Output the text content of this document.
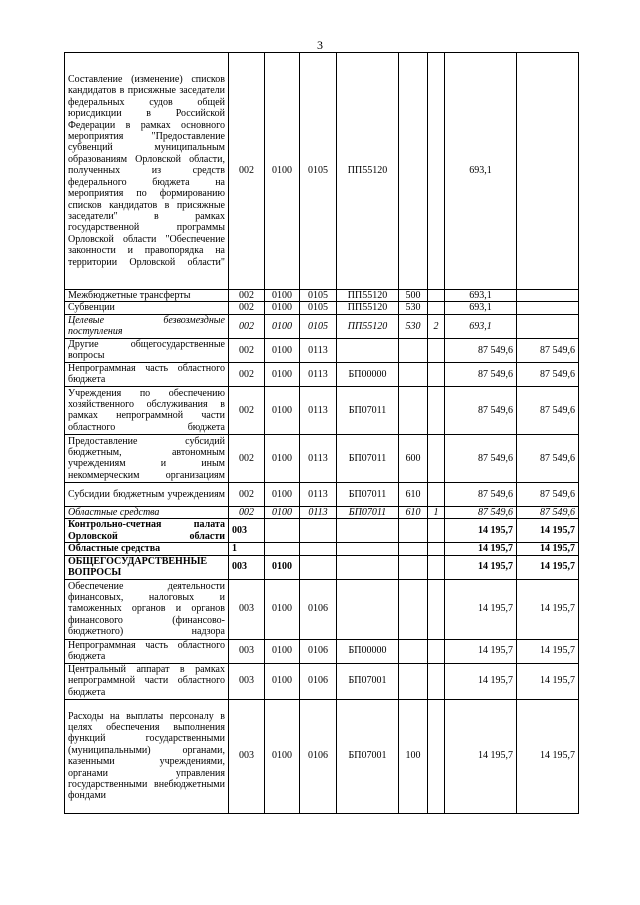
3
Составление (изменение) списков кандидатов в присяжные заседатели федеральных судов общей юрисдикции в Российской Федерации в рамках основного мероприятия "Предоставление субвенций муниципальным образованиям Орловской области, полученных из средств федерального бюджета на мероприятия по формированию списков кандидатов в присяжные заседатели" в рамках государственной программы Орловской области "Обеспечение законности и правопорядка на территории Орловской области"	002	0100	0105	ПП55120			693,1	
Межбюджетные трансферты	002	0100	0105	ПП55120	500		693,1	
Субвенции	002	0100	0105	ПП55120	530		693,1	
Целевые безвозмездные поступления	002	0100	0105	ПП55120	530	2	693,1	
Другие общегосударственные вопросы	002	0100	0113				87 549,6	87 549,6
Непрограммная часть областного бюджета	002	0100	0113	БП00000			87 549,6	87 549,6
Учреждения по обеспечению хозяйственного обслуживания в рамках непрограммной части областного бюджета	002	0100	0113	БП07011			87 549,6	87 549,6
Предоставление субсидий бюджетным, автономным учреждениям и иным некоммерческим организациям	002	0100	0113	БП07011	600		87 549,6	87 549,6
Субсидии бюджетным учреждениям	002	0100	0113	БП07011	610		87 549,6	87 549,6
Областные средства	002	0100	0113	БП07011	610	1	87 549,6	87 549,6
Контрольно-счетная палата Орловской области	003						14 195,7	14 195,7
Областные средства	1						14 195,7	14 195,7
ОБЩЕГОСУДАРСТВЕННЫЕ ВОПРОСЫ	003	0100					14 195,7	14 195,7
Обеспечение деятельности финансовых, налоговых и таможенных органов и органов финансового (финансово-бюджетного) надзора	003	0100	0106				14 195,7	14 195,7
Непрограммная часть областного бюджета	003	0100	0106	БП00000			14 195,7	14 195,7
Центральный аппарат в рамках непрограммной части областного бюджета	003	0100	0106	БП07001			14 195,7	14 195,7
Расходы на выплаты персоналу в целях обеспечения выполнения функций государственными (муниципальными) органами, казенными учреждениями, органами управления государственными внебюджетными фондами	003	0100	0106	БП07001	100		14 195,7	14 195,7
